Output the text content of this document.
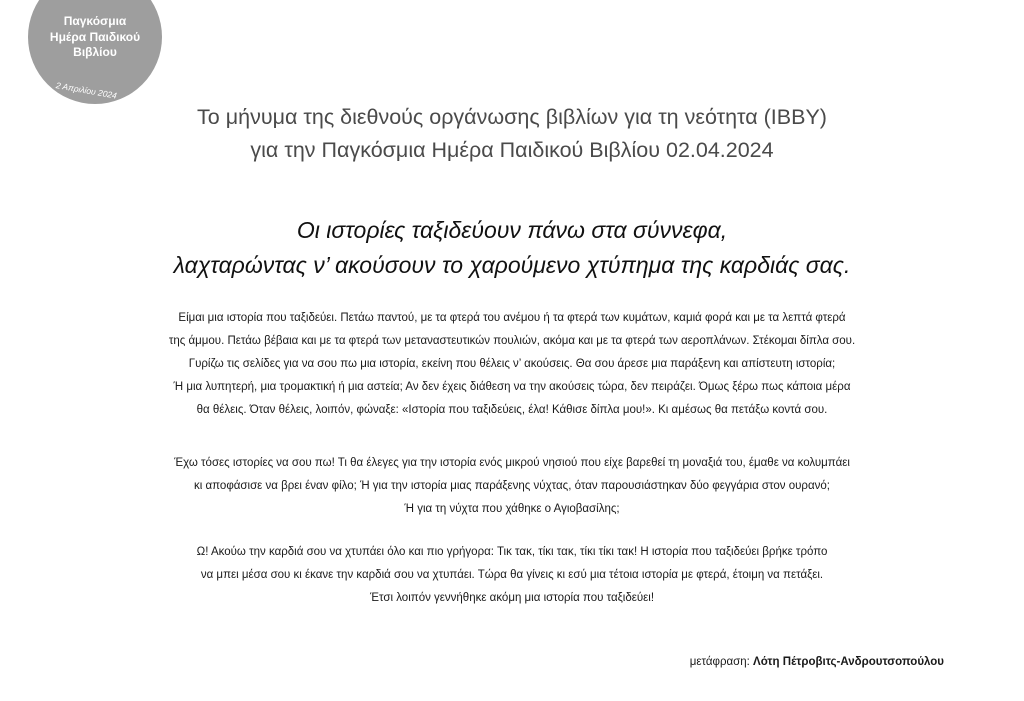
Παγκόσμια
Ημέρα Παιδικού
Βιβλίου
2 Απριλίου 2024
Το μήνυμα της διεθνούς οργάνωσης βιβλίων για τη νεότητα (IBBY)
για την Παγκόσμια Ημέρα Παιδικού Βιβλίου 02.04.2024
Οι ιστορίες ταξιδεύουν πάνω στα σύννεφα,
λαχταρώντας ν’ ακούσουν το χαρούμενο χτύπημα της καρδιάς σας.
Είμαι μια ιστορία που ταξιδεύει. Πετάω παντού, με τα φτερά του ανέμου ή τα φτερά των κυμάτων, καμιά φορά και με τα λεπτά φτερά
της άμμου. Πετάω βέβαια και με τα φτερά των μεταναστευτικών πουλιών, ακόμα και με τα φτερά των αεροπλάνων. Στέκομαι δίπλα σου.
Γυρίζω τις σελίδες για να σου πω μια ιστορία, εκείνη που θέλεις ν’ ακούσεις. Θα σου άρεσε μια παράξενη και απίστευτη ιστορία;
Ή μια λυπητερή, μια τρομακτική ή μια αστεία; Αν δεν έχεις διάθεση να την ακούσεις τώρα, δεν πειράζει. Όμως ξέρω πως κάποια μέρα
θα θέλεις. Όταν θέλεις, λοιπόν, φώναξε: «Ιστορία που ταξιδεύεις, έλα! Κάθισε δίπλα μου!». Κι αμέσως θα πετάξω κοντά σου.
Έχω τόσες ιστορίες να σου πω! Τι θα έλεγες για την ιστορία ενός μικρού νησιού που είχε βαρεθεί τη μοναξιά του, έμαθε να κολυμπάει
κι αποφάσισε να βρει έναν φίλο; Ή για την ιστορία μιας παράξενης νύχτας, όταν παρουσιάστηκαν δύο φεγγάρια στον ουρανό;
Ή για τη νύχτα που χάθηκε ο Αγιοβασίλης;
Ω! Ακούω την καρδιά σου να χτυπάει όλο και πιο γρήγορα: Τικ τακ, τίκι τακ, τίκι τίκι τακ! Η ιστορία που ταξιδεύει βρήκε τρόπο
να μπει μέσα σου κι έκανε την καρδιά σου να χτυπάει. Τώρα θα γίνεις κι εσύ μια τέτοια ιστορία με φτερά, έτοιμη να πετάξει.
Έτσι λοιπόν γεννήθηκε ακόμη μια ιστορία που ταξιδεύει!
μετάφραση: Λότη Πέτροβιτς-Ανδρουτσοπούλου
